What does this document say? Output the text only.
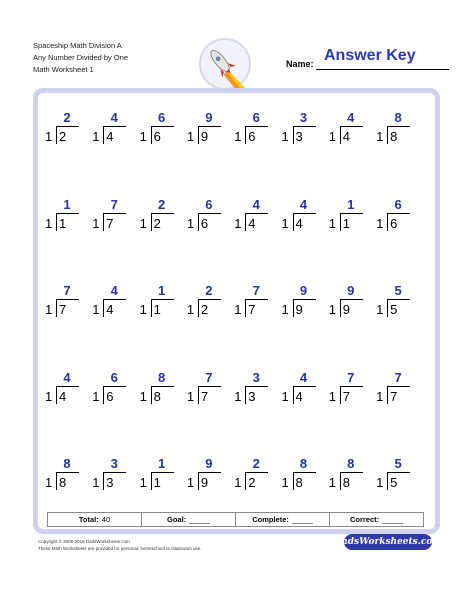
Spaceship Math Division A
Any Number Divided by One
Math Worksheet 1
Name: Answer Key
2
1 2
4
1 4
6
1 6
9
1 9
6
1 6
3
1 3
4
1 4
8
1 8
1
1 1
7
1 7
2
1 2
6
1 6
4
1 4
4
1 4
1
1 1
6
1 6
7
1 7
4
1 4
1
1 1
2
1 2
7
1 7
9
1 9
9
1 9
5
1 5
4
1 4
6
1 6
8
1 8
7
1 7
3
1 3
4
1 4
7
1 7
7
1 7
8
1 8
3
1 3
1
1 1
9
1 9
2
1 2
8
1 8
8
1 8
5
1 5
Total: 40	Goal: _____	Complete: _____	Correct: _____
Copyright © 2008-2018 DadsWorksheets.com
These Math Worksheets are provided for personal, homeschool or classroom use.
DadsWorksheets.com
